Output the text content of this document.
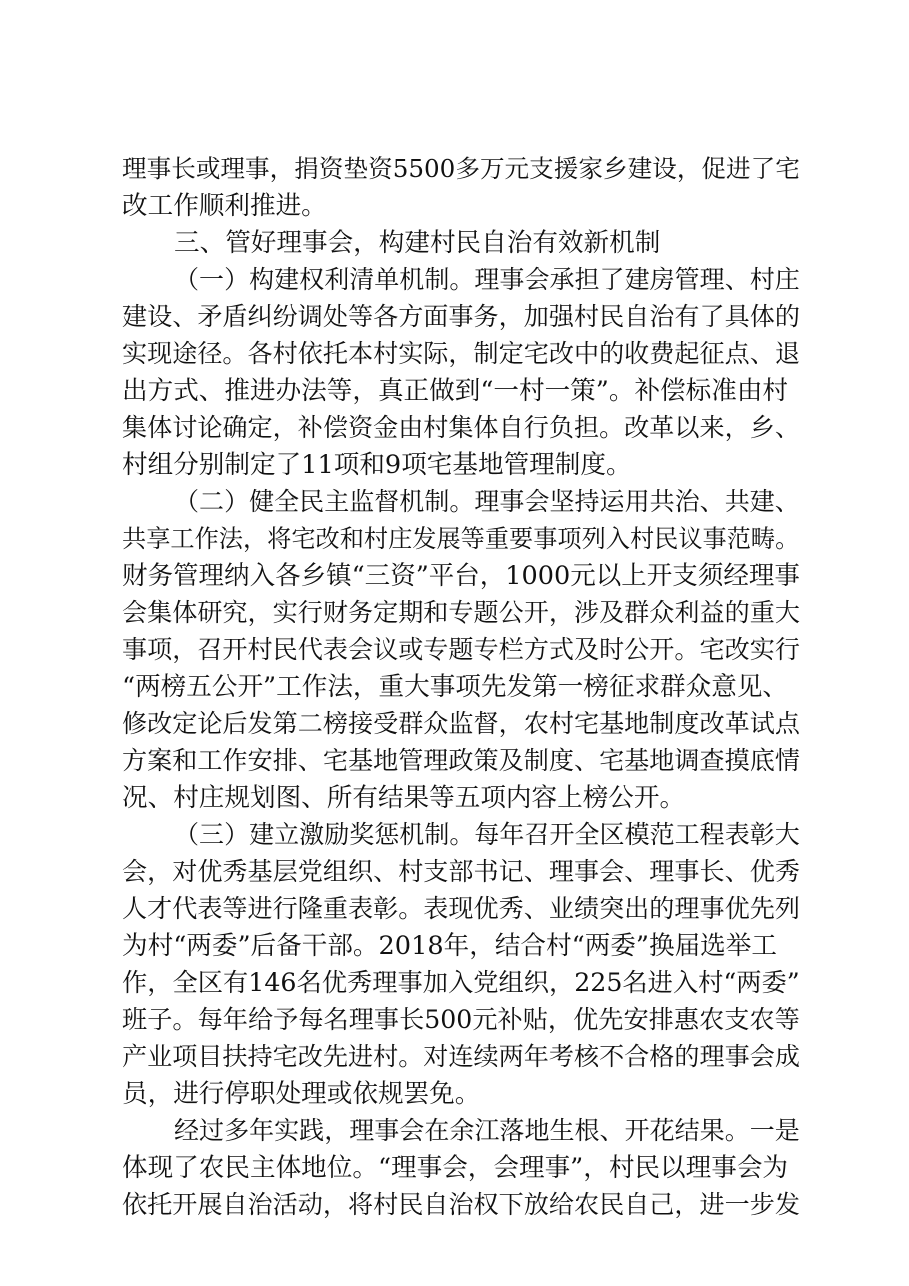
理事长或理事，捐资垫资5500多万元支援家乡建设，促进了宅
改工作顺利推进。
三、管好理事会，构建村民自治有效新机制
（一）构建权利清单机制。理事会承担了建房管理、村庄
建设、矛盾纠纷调处等各方面事务，加强村民自治有了具体的
实现途径。各村依托本村实际，制定宅改中的收费起征点、退
出方式、推进办法等，真正做到“一村一策”。补偿标准由村
集体讨论确定，补偿资金由村集体自行负担。改革以来，乡、
村组分别制定了11项和9项宅基地管理制度。
（二）健全民主监督机制。理事会坚持运用共治、共建、
共享工作法，将宅改和村庄发展等重要事项列入村民议事范畴。
财务管理纳入各乡镇“三资”平台，1000元以上开支须经理事
会集体研究，实行财务定期和专题公开，涉及群众利益的重大
事项，召开村民代表会议或专题专栏方式及时公开。宅改实行
“两榜五公开”工作法，重大事项先发第一榜征求群众意见、
修改定论后发第二榜接受群众监督，农村宅基地制度改革试点
方案和工作安排、宅基地管理政策及制度、宅基地调查摸底情
况、村庄规划图、所有结果等五项内容上榜公开。
（三）建立激励奖惩机制。每年召开全区模范工程表彰大
会，对优秀基层党组织、村支部书记、理事会、理事长、优秀
人才代表等进行隆重表彰。表现优秀、业绩突出的理事优先列
为村“两委”后备干部。2018年，结合村“两委”换届选举工
作，全区有146名优秀理事加入党组织，225名进入村“两委”
班子。每年给予每名理事长500元补贴，优先安排惠农支农等
产业项目扶持宅改先进村。对连续两年考核不合格的理事会成
员，进行停职处理或依规罢免。
经过多年实践，理事会在余江落地生根、开花结果。一是
体现了农民主体地位。“理事会，会理事”，村民以理事会为
依托开展自治活动，将村民自治权下放给农民自己，进一步发
